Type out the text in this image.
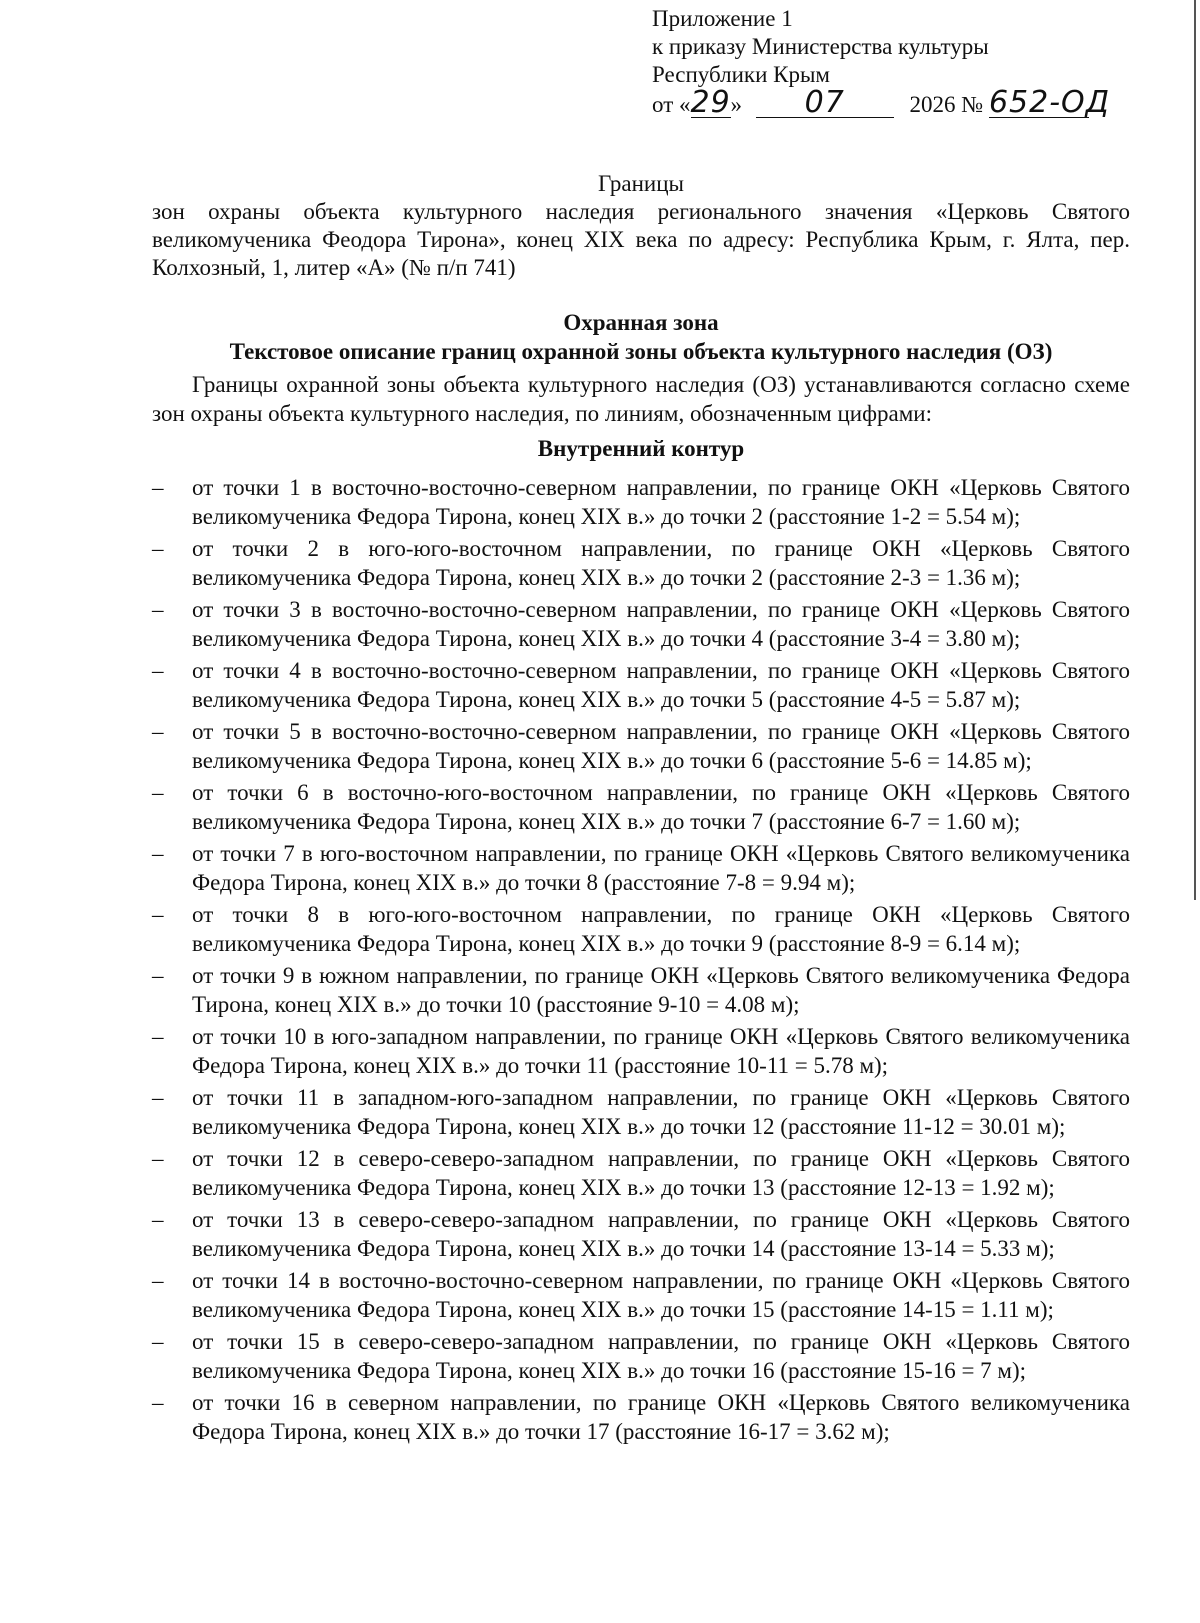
Приложение 1
к приказу Министерства культуры
Республики Крым
от «29» 07	2026 № 652-ОД
Границы
зон охраны объекта культурного наследия регионального значения «Церковь Святого великомученика Феодора Тирона», конец XIX века по адресу: Республика Крым, г. Ялта, пер. Колхозный, 1, литер «А» (№ п/п 741)
Охранная зона
Текстовое описание границ охранной зоны объекта культурного наследия (ОЗ)

Границы охранной зоны объекта культурного наследия (ОЗ) устанавливаются согласно схеме зон охраны объекта культурного наследия, по линиям, обозначенным цифрами:

Внутренний контур
– от точки 1 в восточно-восточно-северном направлении, по границе ОКН «Церковь Святого великомученика Федора Тирона, конец XIX в.» до точки 2 (расстояние 1-2 = 5.54 м);
– от точки 2 в юго-юго-восточном направлении, по границе ОКН «Церковь Святого великомученика Федора Тирона, конец XIX в.» до точки 2 (расстояние 2-3 = 1.36 м);
– от точки 3 в восточно-восточно-северном направлении, по границе ОКН «Церковь Святого великомученика Федора Тирона, конец XIX в.» до точки 4 (расстояние 3-4 = 3.80 м);
– от точки 4 в восточно-восточно-северном направлении, по границе ОКН «Церковь Святого великомученика Федора Тирона, конец XIX в.» до точки 5 (расстояние 4-5 = 5.87 м);
– от точки 5 в восточно-восточно-северном направлении, по границе ОКН «Церковь Святого великомученика Федора Тирона, конец XIX в.» до точки 6 (расстояние 5-6 = 14.85 м);
– от точки 6 в восточно-юго-восточном направлении, по границе ОКН «Церковь Святого великомученика Федора Тирона, конец XIX в.» до точки 7 (расстояние 6-7 = 1.60 м);
– от точки 7 в юго-восточном направлении, по границе ОКН «Церковь Святого великомученика Федора Тирона, конец XIX в.» до точки 8 (расстояние 7-8 = 9.94 м);
– от точки 8 в юго-юго-восточном направлении, по границе ОКН «Церковь Святого великомученика Федора Тирона, конец XIX в.» до точки 9 (расстояние 8-9 = 6.14 м);
– от точки 9 в южном направлении, по границе ОКН «Церковь Святого великомученика Федора Тирона, конец XIX в.» до точки 10 (расстояние 9-10 = 4.08 м);
– от точки 10 в юго-западном направлении, по границе ОКН «Церковь Святого великомученика Федора Тирона, конец XIX в.» до точки 11 (расстояние 10-11 = 5.78 м);
– от точки 11 в западном-юго-западном направлении, по границе ОКН «Церковь Святого великомученика Федора Тирона, конец XIX в.» до точки 12 (расстояние 11-12 = 30.01 м);
– от точки 12 в северо-северо-западном направлении, по границе ОКН «Церковь Святого великомученика Федора Тирона, конец XIX в.» до точки 13 (расстояние 12-13 = 1.92 м);
– от точки 13 в северо-северо-западном направлении, по границе ОКН «Церковь Святого великомученика Федора Тирона, конец XIX в.» до точки 14 (расстояние 13-14 = 5.33 м);
– от точки 14 в восточно-восточно-северном направлении, по границе ОКН «Церковь Святого великомученика Федора Тирона, конец XIX в.» до точки 15 (расстояние 14-15 = 1.11 м);
– от точки 15 в северо-северо-западном направлении, по границе ОКН «Церковь Святого великомученика Федора Тирона, конец XIX в.» до точки 16 (расстояние 15-16 = 7 м);
– от точки 16 в северном направлении, по границе ОКН «Церковь Святого великомученика Федора Тирона, конец XIX в.» до точки 17 (расстояние 16-17 = 3.62 м);
